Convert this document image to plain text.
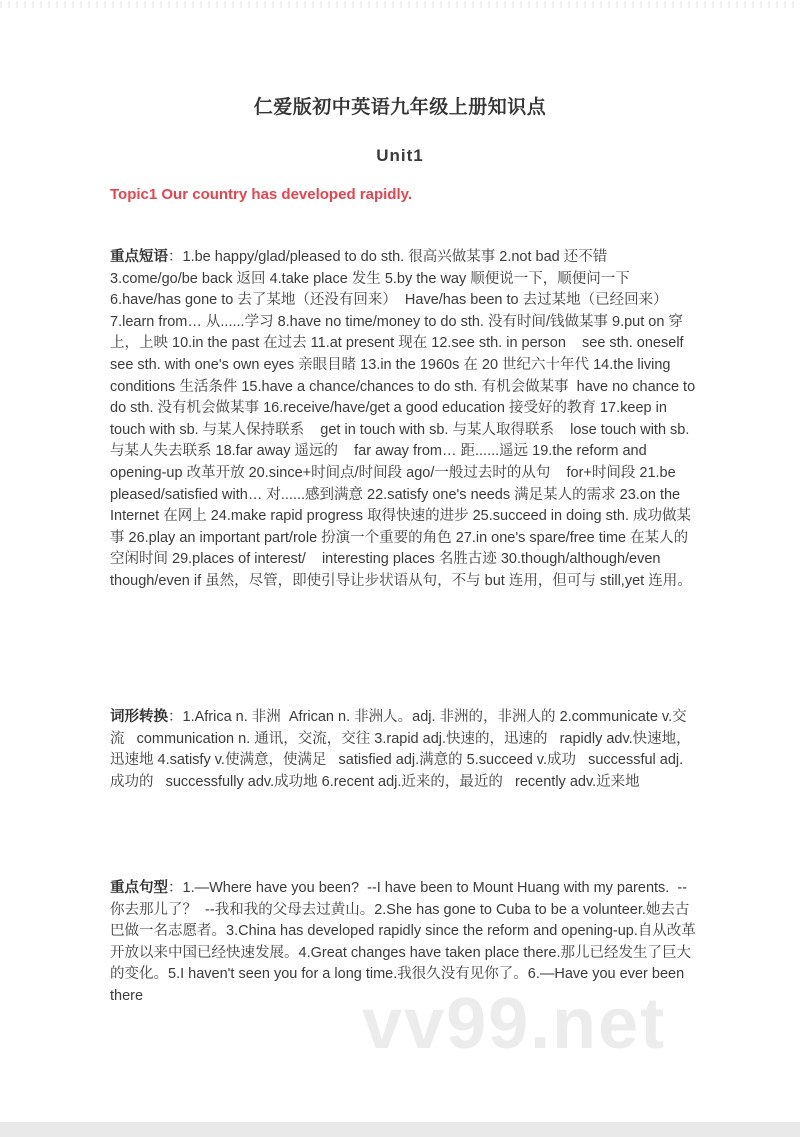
仁爱版初中英语九年级上册知识点
Unit1
Topic1 Our country has developed rapidly.
重点短语：1.be happy/glad/pleased to do sth. 很高兴做某事 2.not bad 还不错 3.come/go/be back 返回 4.take place 发生 5.by the way 顺便说一下，顺便问一下 6.have/has gone to 去了某地（还没有回来）  Have/has been to 去过某地（已经回来）7.learn from… 从......学习 8.have no time/money to do sth. 没有时间/钱做某事 9.put on 穿上，上映 10.in the past 在过去 11.at present 现在 12.see sth. in person    see sth. oneself    see sth. with one's own eyes 亲眼目睹 13.in the 1960s 在 20 世纪六十年代 14.the living conditions 生活条件 15.have a chance/chances to do sth. 有机会做某事  have no chance to do sth. 没有机会做某事 16.receive/have/get a good education 接受好的教育 17.keep in touch with sb. 与某人保持联系    get in touch with sb. 与某人取得联系    lose touch with sb. 与某人失去联系 18.far away 遥远的    far away from… 距......遥远 19.the reform and opening-up 改革开放 20.since+时间点/时间段 ago/一般过去时的从句    for+时间段 21.be pleased/satisfied with… 对......感到满意 22.satisfy one's needs 满足某人的需求 23.on the Internet 在网上 24.make rapid progress 取得快速的进步 25.succeed in doing sth. 成功做某事 26.play an important part/role 扮演一个重要的角色 27.in one's spare/free time 在某人的空闲时间 29.places of interest/    interesting places 名胜古迹 30.though/although/even though/even if 虽然，尽管，即使引导让步状语从句，不与 but 连用，但可与 still,yet 连用。
词形转换：1.Africa n. 非洲  African n. 非洲人。adj. 非洲的，非洲人的 2.communicate v.交流   communication n. 通讯，交流，交往 3.rapid adj.快速的，迅速的   rapidly adv.快速地，迅速地 4.satisfy v.使满意，使满足   satisfied adj.满意的 5.succeed v.成功   successful adj.成功的   successfully adv.成功地 6.recent adj.近来的，最近的   recently adv.近来地
重点句型：1.—Where have you been?  --I have been to Mount Huang with my parents.  --你去那儿了？  --我和我的父母去过黄山。2.She has gone to Cuba to be a volunteer.她去古巴做一名志愿者。3.China has developed rapidly since the reform and opening-up.自从改革开放以来中国已经快速发展。4.Great changes have taken place there.那儿已经发生了巨大的变化。5.I haven't seen you for a long time.我很久没有见你了。6.—Have you ever been there	vv99.net
